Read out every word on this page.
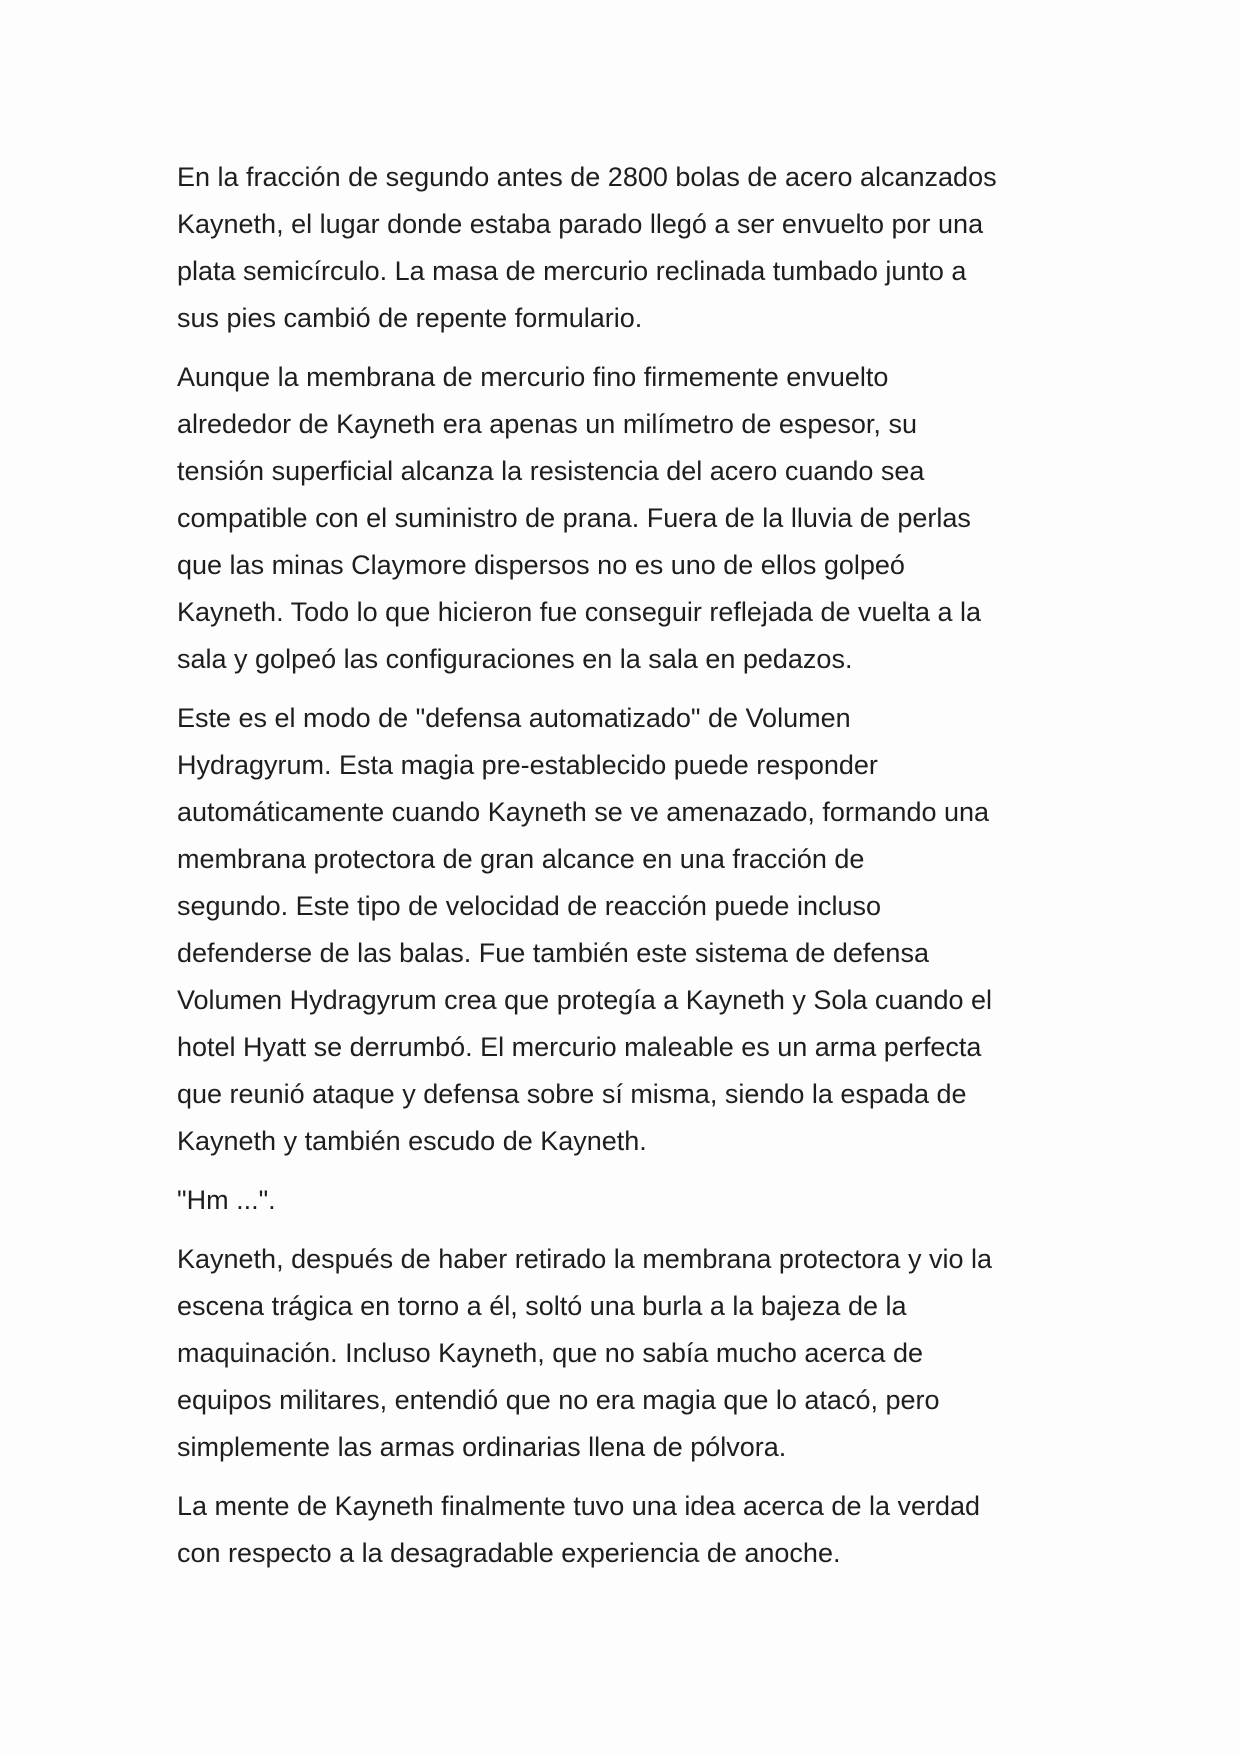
En la fracción de segundo antes de 2800 bolas de acero alcanzados
Kayneth, el lugar donde estaba parado llegó a ser envuelto por una
plata semicírculo. La masa de mercurio reclinada tumbado junto a
sus pies cambió de repente formulario.

Aunque la membrana de mercurio fino firmemente envuelto
alrededor de Kayneth era apenas un milímetro de espesor, su
tensión superficial alcanza la resistencia del acero cuando sea
compatible con el suministro de prana. Fuera de la lluvia de perlas
que las minas Claymore dispersos no es uno de ellos golpeó
Kayneth. Todo lo que hicieron fue conseguir reflejada de vuelta a la
sala y golpeó las configuraciones en la sala en pedazos.

Este es el modo de "defensa automatizado" de Volumen
Hydragyrum. Esta magia pre-establecido puede responder
automáticamente cuando Kayneth se ve amenazado, formando una
membrana protectora de gran alcance en una fracción de
segundo. Este tipo de velocidad de reacción puede incluso
defenderse de las balas. Fue también este sistema de defensa
Volumen Hydragyrum crea que protegía a Kayneth y Sola cuando el
hotel Hyatt se derrumbó. El mercurio maleable es un arma perfecta
que reunió ataque y defensa sobre sí misma, siendo la espada de
Kayneth y también escudo de Kayneth.

"Hm ...".

Kayneth, después de haber retirado la membrana protectora y vio la
escena trágica en torno a él, soltó una burla a la bajeza de la
maquinación. Incluso Kayneth, que no sabía mucho acerca de
equipos militares, entendió que no era magia que lo atacó, pero
simplemente las armas ordinarias llena de pólvora.

La mente de Kayneth finalmente tuvo una idea acerca de la verdad
con respecto a la desagradable experiencia de anoche.
